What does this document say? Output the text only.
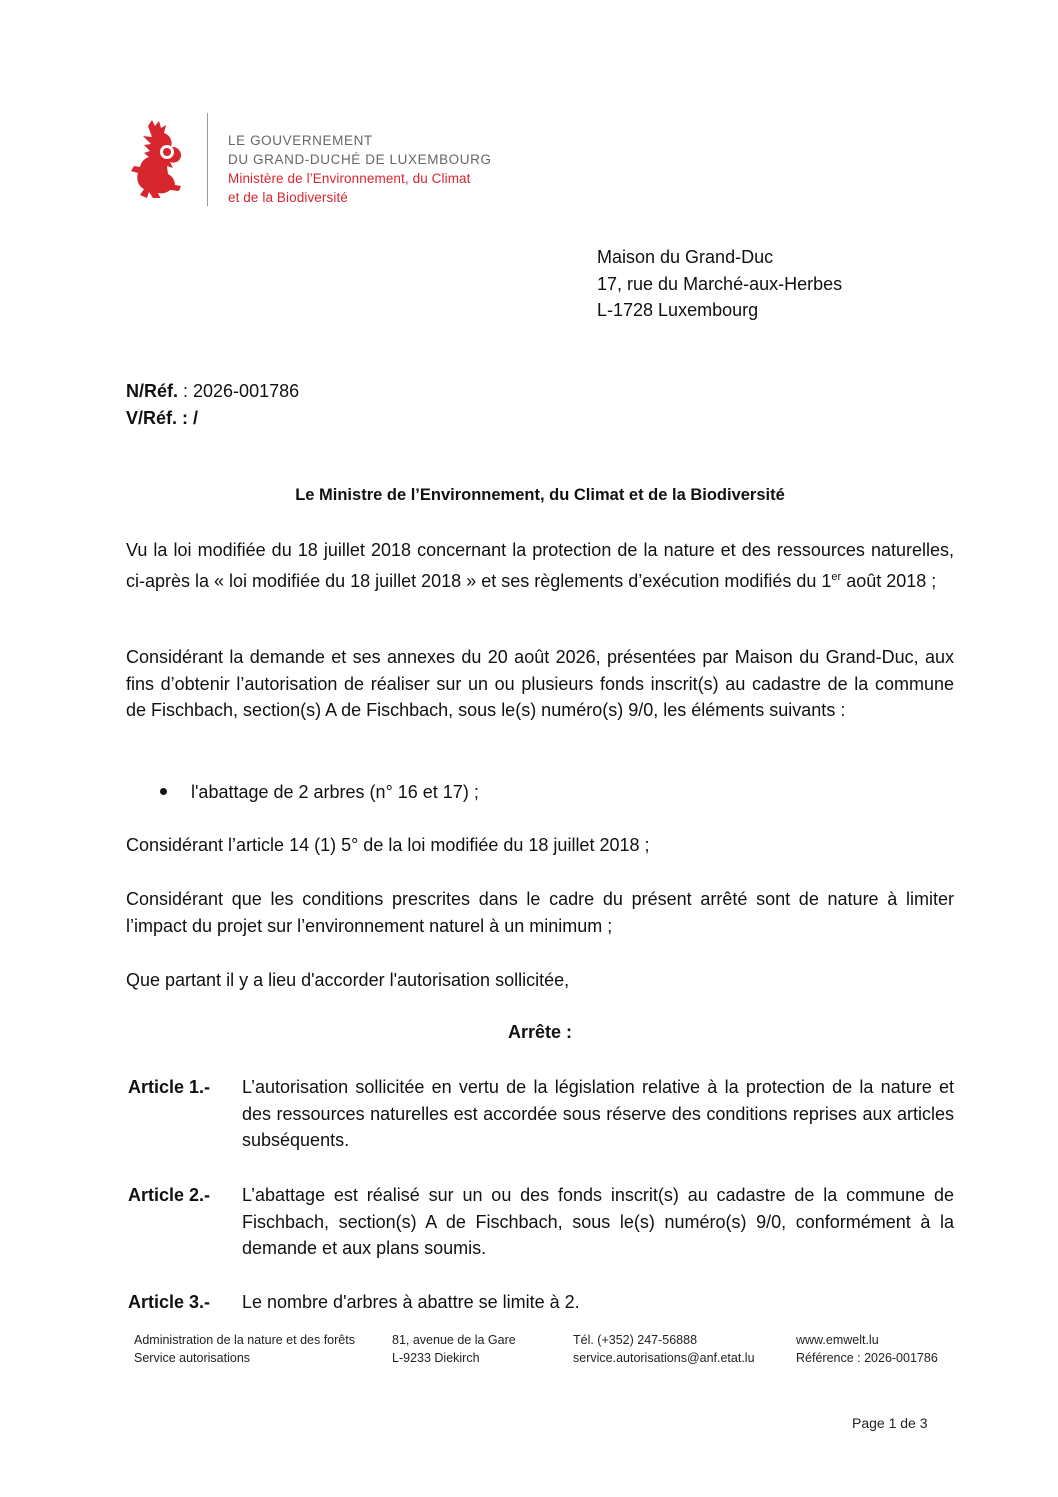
LE GOUVERNEMENT
DU GRAND-DUCHÉ DE LUXEMBOURG
Ministère de l’Environnement, du Climat
et de la Biodiversité
Maison du Grand-Duc
17, rue du Marché-aux-Herbes
L-1728 Luxembourg
N/Réf. : 2026-001786
V/Réf. : /
Le Ministre de l’Environnement, du Climat et de la Biodiversité
Vu la loi modifiée du 18 juillet 2018 concernant la protection de la nature et des ressources naturelles, ci-après la « loi modifiée du 18 juillet 2018 » et ses règlements d’exécution modifiés du 1er août 2018 ;
Considérant la demande et ses annexes du 20 août 2026, présentées par Maison du Grand-Duc, aux fins d’obtenir l’autorisation de réaliser sur un ou plusieurs fonds inscrit(s) au cadastre de la commune de Fischbach, section(s) A de Fischbach, sous le(s) numéro(s) 9/0, les éléments suivants :
l'abattage de 2 arbres (n° 16 et 17) ;
Considérant l’article 14 (1) 5° de la loi modifiée du 18 juillet 2018 ;
Considérant que les conditions prescrites dans le cadre du présent arrêté sont de nature à limiter l’impact du projet sur l’environnement naturel à un minimum ;
Que partant il y a lieu d'accorder l'autorisation sollicitée,
Arrête :
Article 1.- L’autorisation sollicitée en vertu de la législation relative à la protection de la nature et des ressources naturelles est accordée sous réserve des conditions reprises aux articles subséquents.
Article 2.- L’abattage est réalisé sur un ou des fonds inscrit(s) au cadastre de la commune de Fischbach, section(s) A de Fischbach, sous le(s) numéro(s) 9/0, conformément à la demande et aux plans soumis.
Article 3.- Le nombre d'arbres à abattre se limite à 2.
Administration de la nature et des forêts
Service autorisations
81, avenue de la Gare
L-9233 Diekirch
Tél. (+352) 247-56888
service.autorisations@anf.etat.lu
www.emwelt.lu
Référence : 2026-001786
Page 1 de 3
